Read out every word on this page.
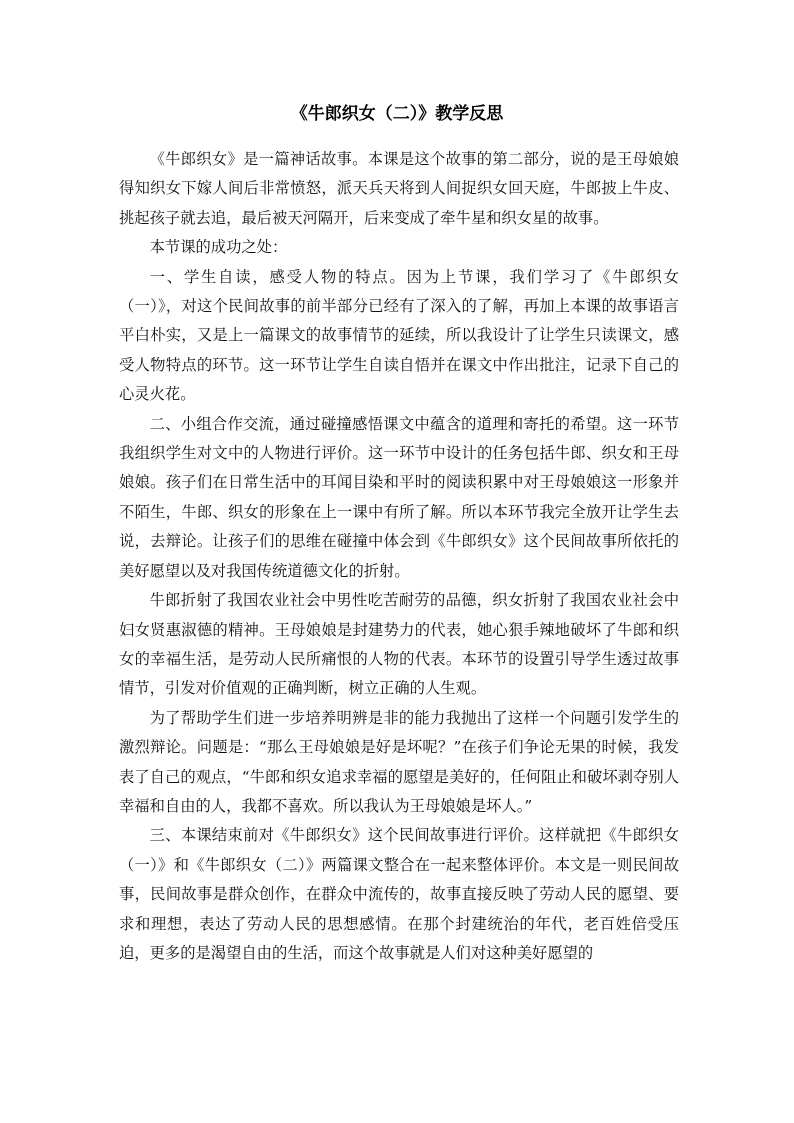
《牛郎织女（二）》教学反思

《牛郎织女》是一篇神话故事。本课是这个故事的第二部分，说的是王母娘娘得知织女下嫁人间后非常愤怒，派天兵天将到人间捉织女回天庭，牛郎披上牛皮、挑起孩子就去追，最后被天河隔开，后来变成了牵牛星和织女星的故事。

本节课的成功之处：

一、学生自读，感受人物的特点。因为上节课，我们学习了《牛郎织女（一）》，对这个民间故事的前半部分已经有了深入的了解，再加上本课的故事语言平白朴实，又是上一篇课文的故事情节的延续，所以我设计了让学生只读课文，感受人物特点的环节。这一环节让学生自读自悟并在课文中作出批注，记录下自己的心灵火花。

二、小组合作交流，通过碰撞感悟课文中蕴含的道理和寄托的希望。这一环节我组织学生对文中的人物进行评价。这一环节中设计的任务包括牛郎、织女和王母娘娘。孩子们在日常生活中的耳闻目染和平时的阅读积累中对王母娘娘这一形象并不陌生，牛郎、织女的形象在上一课中有所了解。所以本环节我完全放开让学生去说，去辩论。让孩子们的思维在碰撞中体会到《牛郎织女》这个民间故事所依托的美好愿望以及对我国传统道德文化的折射。

牛郎折射了我国农业社会中男性吃苦耐劳的品德，织女折射了我国农业社会中妇女贤惠淑德的精神。王母娘娘是封建势力的代表，她心狠手辣地破坏了牛郎和织女的幸福生活，是劳动人民所痛恨的人物的代表。本环节的设置引导学生透过故事情节，引发对价值观的正确判断，树立正确的人生观。

为了帮助学生们进一步培养明辨是非的能力我抛出了这样一个问题引发学生的激烈辩论。问题是：“那么王母娘娘是好是坏呢？”在孩子们争论无果的时候，我发表了自己的观点，“牛郎和织女追求幸福的愿望是美好的，任何阻止和破坏剥夺别人幸福和自由的人，我都不喜欢。所以我认为王母娘娘是坏人。”

三、本课结束前对《牛郎织女》这个民间故事进行评价。这样就把《牛郎织女（一）》和《牛郎织女（二）》两篇课文整合在一起来整体评价。本文是一则民间故事，民间故事是群众创作，在群众中流传的，故事直接反映了劳动人民的愿望、要求和理想，表达了劳动人民的思想感情。在那个封建统治的年代，老百姓倍受压迫，更多的是渴望自由的生活，而这个故事就是人们对这种美好愿望的
